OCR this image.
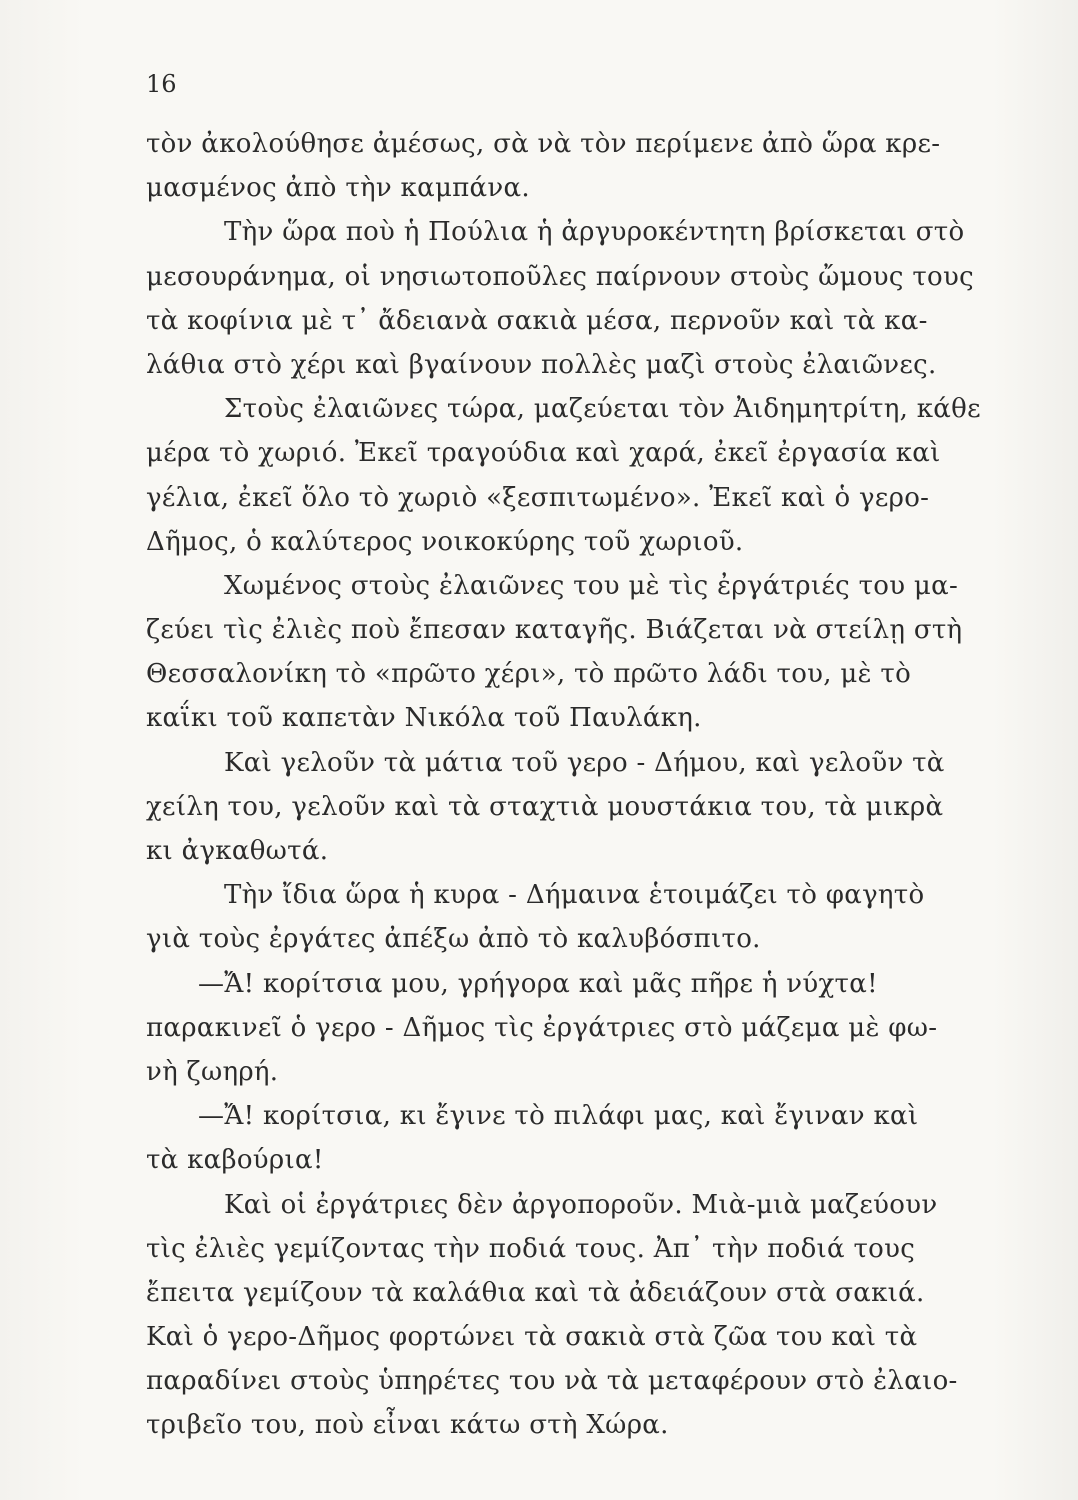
16
τὸν ἀκολούθησε ἀμέσως, σὰ νὰ τὸν περίμενε ἀπὸ ὥρα κρε-
μασμένος ἀπὸ τὴν καμπάνα.
Τὴν ὥρα ποὺ ἡ Πούλια ἡ ἀργυροκέντητη βρίσκεται στὸ
μεσουράνημα, οἱ νησιωτοποῦλες παίρνουν στοὺς ὤμους τους
τὰ κοφίνια μὲ τ᾽ ἄδειανὰ σακιὰ μέσα, περνοῦν καὶ τὰ κα-
λάθια στὸ χέρι καὶ βγαίνουν πολλὲς μαζὶ στοὺς ἐλαιῶνες.
Στοὺς ἐλαιῶνες τώρα, μαζεύεται τὸν Ἀιδημητρίτη, κάθε
μέρα τὸ χωριό. Ἐκεῖ τραγούδια καὶ χαρά, ἐκεῖ ἐργασία καὶ
γέλια, ἐκεῖ ὅλο τὸ χωριὸ «ξεσπιτωμένο». Ἐκεῖ καὶ ὁ γερο-
Δῆμος, ὁ καλύτερος νοικοκύρης τοῦ χωριοῦ.
Χωμένος στοὺς ἐλαιῶνες του μὲ τὶς ἐργάτριές του μα-
ζεύει τὶς ἐλιὲς ποὺ ἔπεσαν καταγῆς. Βιάζεται νὰ στείλῃ στὴ
Θεσσαλονίκη τὸ «πρῶτο χέρι», τὸ πρῶτο λάδι του, μὲ τὸ
καΐκι τοῦ καπετὰν Νικόλα τοῦ Παυλάκη.
Καὶ γελοῦν τὰ μάτια τοῦ γερο - Δήμου, καὶ γελοῦν τὰ
χείλη του, γελοῦν καὶ τὰ σταχτιὰ μουστάκια του, τὰ μικρὰ
κι ἀγκαθωτά.
Τὴν ἴδια ὥρα ἡ κυρα - Δήμαινα ἑτοιμάζει τὸ φαγητὸ
γιὰ τοὺς ἐργάτες ἀπέξω ἀπὸ τὸ καλυβόσπιτο.
—Ἄ! κορίτσια μου, γρήγορα καὶ μᾶς πῆρε ἡ νύχτα!
παρακινεῖ ὁ γερο - Δῆμος τὶς ἐργάτριες στὸ μάζεμα μὲ φω-
νὴ ζωηρή.
—Ἄ! κορίτσια, κι ἔγινε τὸ πιλάφι μας, καὶ ἔγιναν καὶ
τὰ καβούρια!
Καὶ οἱ ἐργάτριες δὲν ἀργοποροῦν. Μιὰ-μιὰ μαζεύουν
τὶς ἐλιὲς γεμίζοντας τὴν ποδιά τους. Ἀπ᾽ τὴν ποδιά τους
ἔπειτα γεμίζουν τὰ καλάθια καὶ τὰ ἀδειάζουν στὰ σακιά.
Καὶ ὁ γερο-Δῆμος φορτώνει τὰ σακιὰ στὰ ζῶα του καὶ τὰ
παραδίνει στοὺς ὑπηρέτες του νὰ τὰ μεταφέρουν στὸ ἐλαιο-
τριβεῖο του, ποὺ εἶναι κάτω στὴ Χώρα.
